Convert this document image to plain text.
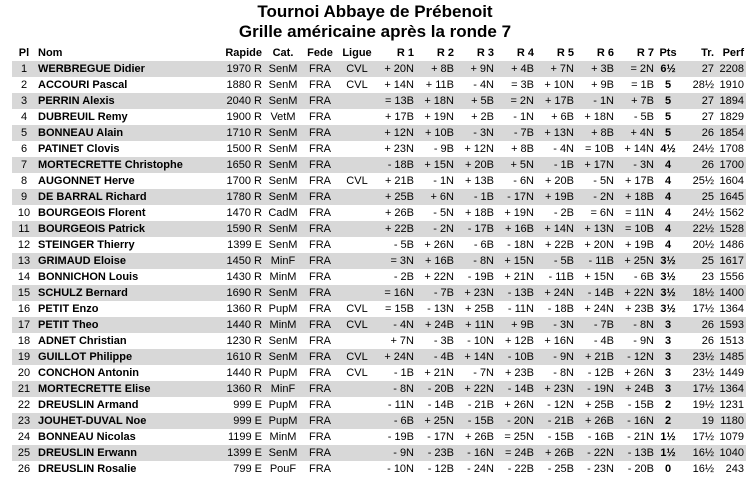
Tournoi Abbaye de Prébenoit
Grille américaine après la ronde 7
Pl	Nom	Rapide	Cat.	Fede	Ligue	R 1	R 2	R 3	R 4	R 5	R 6	R 7	Pts	Tr.	Perf
1	WERBREGUE Didier	1970 R	SenM	FRA	CVL	+ 20N	+ 8B	+ 9N	+ 4B	+ 7N	+ 3B	= 2N	6½	27	2208
2	ACCOURI Pascal	1880 R	SenM	FRA	CVL	+ 14N	+ 11B	- 4N	= 3B	+ 10N	+ 9B	= 1B	5	28½	1910
3	PERRIN Alexis	2040 R	SenM	FRA		= 13B	+ 18N	+ 5B	= 2N	+ 17B	- 1N	+ 7B	5	27	1894
4	DUBREUIL Remy	1900 R	VetM	FRA		+ 17B	+ 19N	+ 2B	- 1N	+ 6B	+ 18N	- 5B	5	27	1829
5	BONNEAU Alain	1710 R	SenM	FRA		+ 12N	+ 10B	- 3N	- 7B	+ 13N	+ 8B	+ 4N	5	26	1854
6	PATINET Clovis	1500 R	SenM	FRA		+ 23N	- 9B	+ 12N	+ 8B	- 4N	= 10B	+ 14N	4½	24½	1708
7	MORTECRETTE Christophe	1650 R	SenM	FRA		- 18B	+ 15N	+ 20B	+ 5N	- 1B	+ 17N	- 3N	4	26	1700
8	AUGONNET Herve	1700 R	SenM	FRA	CVL	+ 21B	- 1N	+ 13B	- 6N	+ 20B	- 5N	+ 17B	4	25½	1604
9	DE BARRAL Richard	1780 R	SenM	FRA		+ 25B	+ 6N	- 1B	- 17N	+ 19B	- 2N	+ 18B	4	25	1645
10	BOURGEOIS Florent	1470 R	CadM	FRA		+ 26B	- 5N	+ 18B	+ 19N	- 2B	= 6N	= 11N	4	24½	1562
11	BOURGEOIS Patrick	1590 R	SenM	FRA		+ 22B	- 2N	- 17B	+ 16B	+ 14N	+ 13N	= 10B	4	22½	1528
12	STEINGER Thierry	1399 E	SenM	FRA		- 5B	+ 26N	- 6B	- 18N	+ 22B	+ 20N	+ 19B	4	20½	1486
13	GRIMAUD Eloise	1450 R	MinF	FRA		= 3N	+ 16B	- 8N	+ 15N	- 5B	- 11B	+ 25N	3½	25	1617
14	BONNICHON Louis	1430 R	MinM	FRA		- 2B	+ 22N	- 19B	+ 21N	- 11B	+ 15N	- 6B	3½	23	1556
15	SCHULZ Bernard	1690 R	SenM	FRA		= 16N	- 7B	+ 23N	- 13B	+ 24N	- 14B	+ 22N	3½	18½	1400
16	PETIT Enzo	1360 R	PupM	FRA	CVL	= 15B	- 13N	+ 25B	- 11N	- 18B	+ 24N	+ 23B	3½	17½	1364
17	PETIT Theo	1440 R	MinM	FRA	CVL	- 4N	+ 24B	+ 11N	+ 9B	- 3N	- 7B	- 8N	3	26	1593
18	ADNET Christian	1230 R	SenM	FRA		+ 7N	- 3B	- 10N	+ 12B	+ 16N	- 4B	- 9N	3	26	1513
19	GUILLOT Philippe	1610 R	SenM	FRA	CVL	+ 24N	- 4B	+ 14N	- 10B	- 9N	+ 21B	- 12N	3	23½	1485
20	CONCHON Antonin	1440 R	PupM	FRA	CVL	- 1B	+ 21N	- 7N	+ 23B	- 8N	- 12B	+ 26N	3	23½	1449
21	MORTECRETTE Elise	1360 R	MinF	FRA		- 8N	- 20B	+ 22N	- 14B	+ 23N	- 19N	+ 24B	3	17½	1364
22	DREUSLIN Armand	999 E	PupM	FRA		- 11N	- 14B	- 21B	+ 26N	- 12N	+ 25B	- 15B	2	19½	1231
23	JOUHET-DUVAL Noe	999 E	PupM	FRA		- 6B	+ 25N	- 15B	- 20N	- 21B	+ 26B	- 16N	2	19	1180
24	BONNEAU Nicolas	1199 E	MinM	FRA		- 19B	- 17N	+ 26B	= 25N	- 15B	- 16B	- 21N	1½	17½	1079
25	DREUSLIN Erwann	1399 E	SenM	FRA		- 9N	- 23B	- 16N	= 24B	+ 26B	- 22N	- 13B	1½	16½	1040
26	DREUSLIN Rosalie	799 E	PouF	FRA		- 10N	- 12B	- 24N	- 22B	- 25B	- 23N	- 20B	0	16½	243
